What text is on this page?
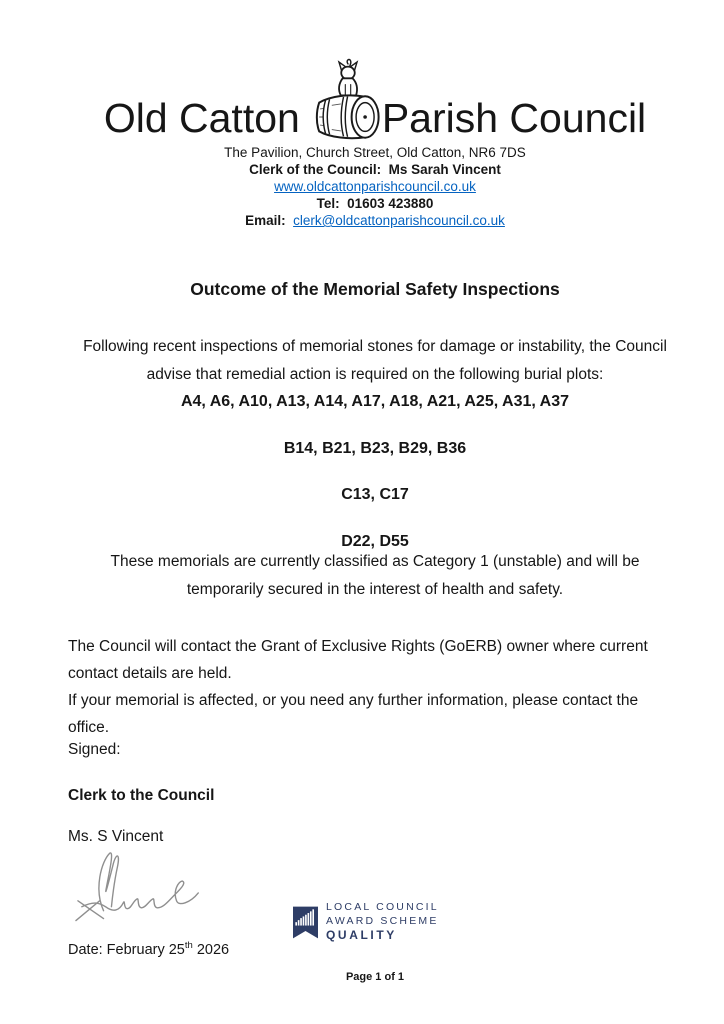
Old Catton Parish Council
The Pavilion, Church Street, Old Catton, NR6 7DS
Clerk of the Council:  Ms Sarah Vincent
www.oldcattonparishcouncil.co.uk
Tel:  01603 423880
Email:  clerk@oldcattonparishcouncil.co.uk
Outcome of the Memorial Safety Inspections
Following recent inspections of memorial stones for damage or instability, the Council advise that remedial action is required on the following burial plots:

A4, A6, A10, A13, A14, A17, A18, A21, A25, A31, A37

B14, B21, B23, B29, B36

C13, C17

D22, D55

These memorials are currently classified as Category 1 (unstable) and will be temporarily secured in the interest of health and safety.

The Council will contact the Grant of Exclusive Rights (GoERB) owner where current contact details are held.

If your memorial is affected, or you need any further information, please contact the office.

Signed:

Clerk to the Council

Ms. S Vincent

LOCAL COUNCIL
AWARD SCHEME
QUALITY

Date: February 25th 2026

Page 1 of 1
